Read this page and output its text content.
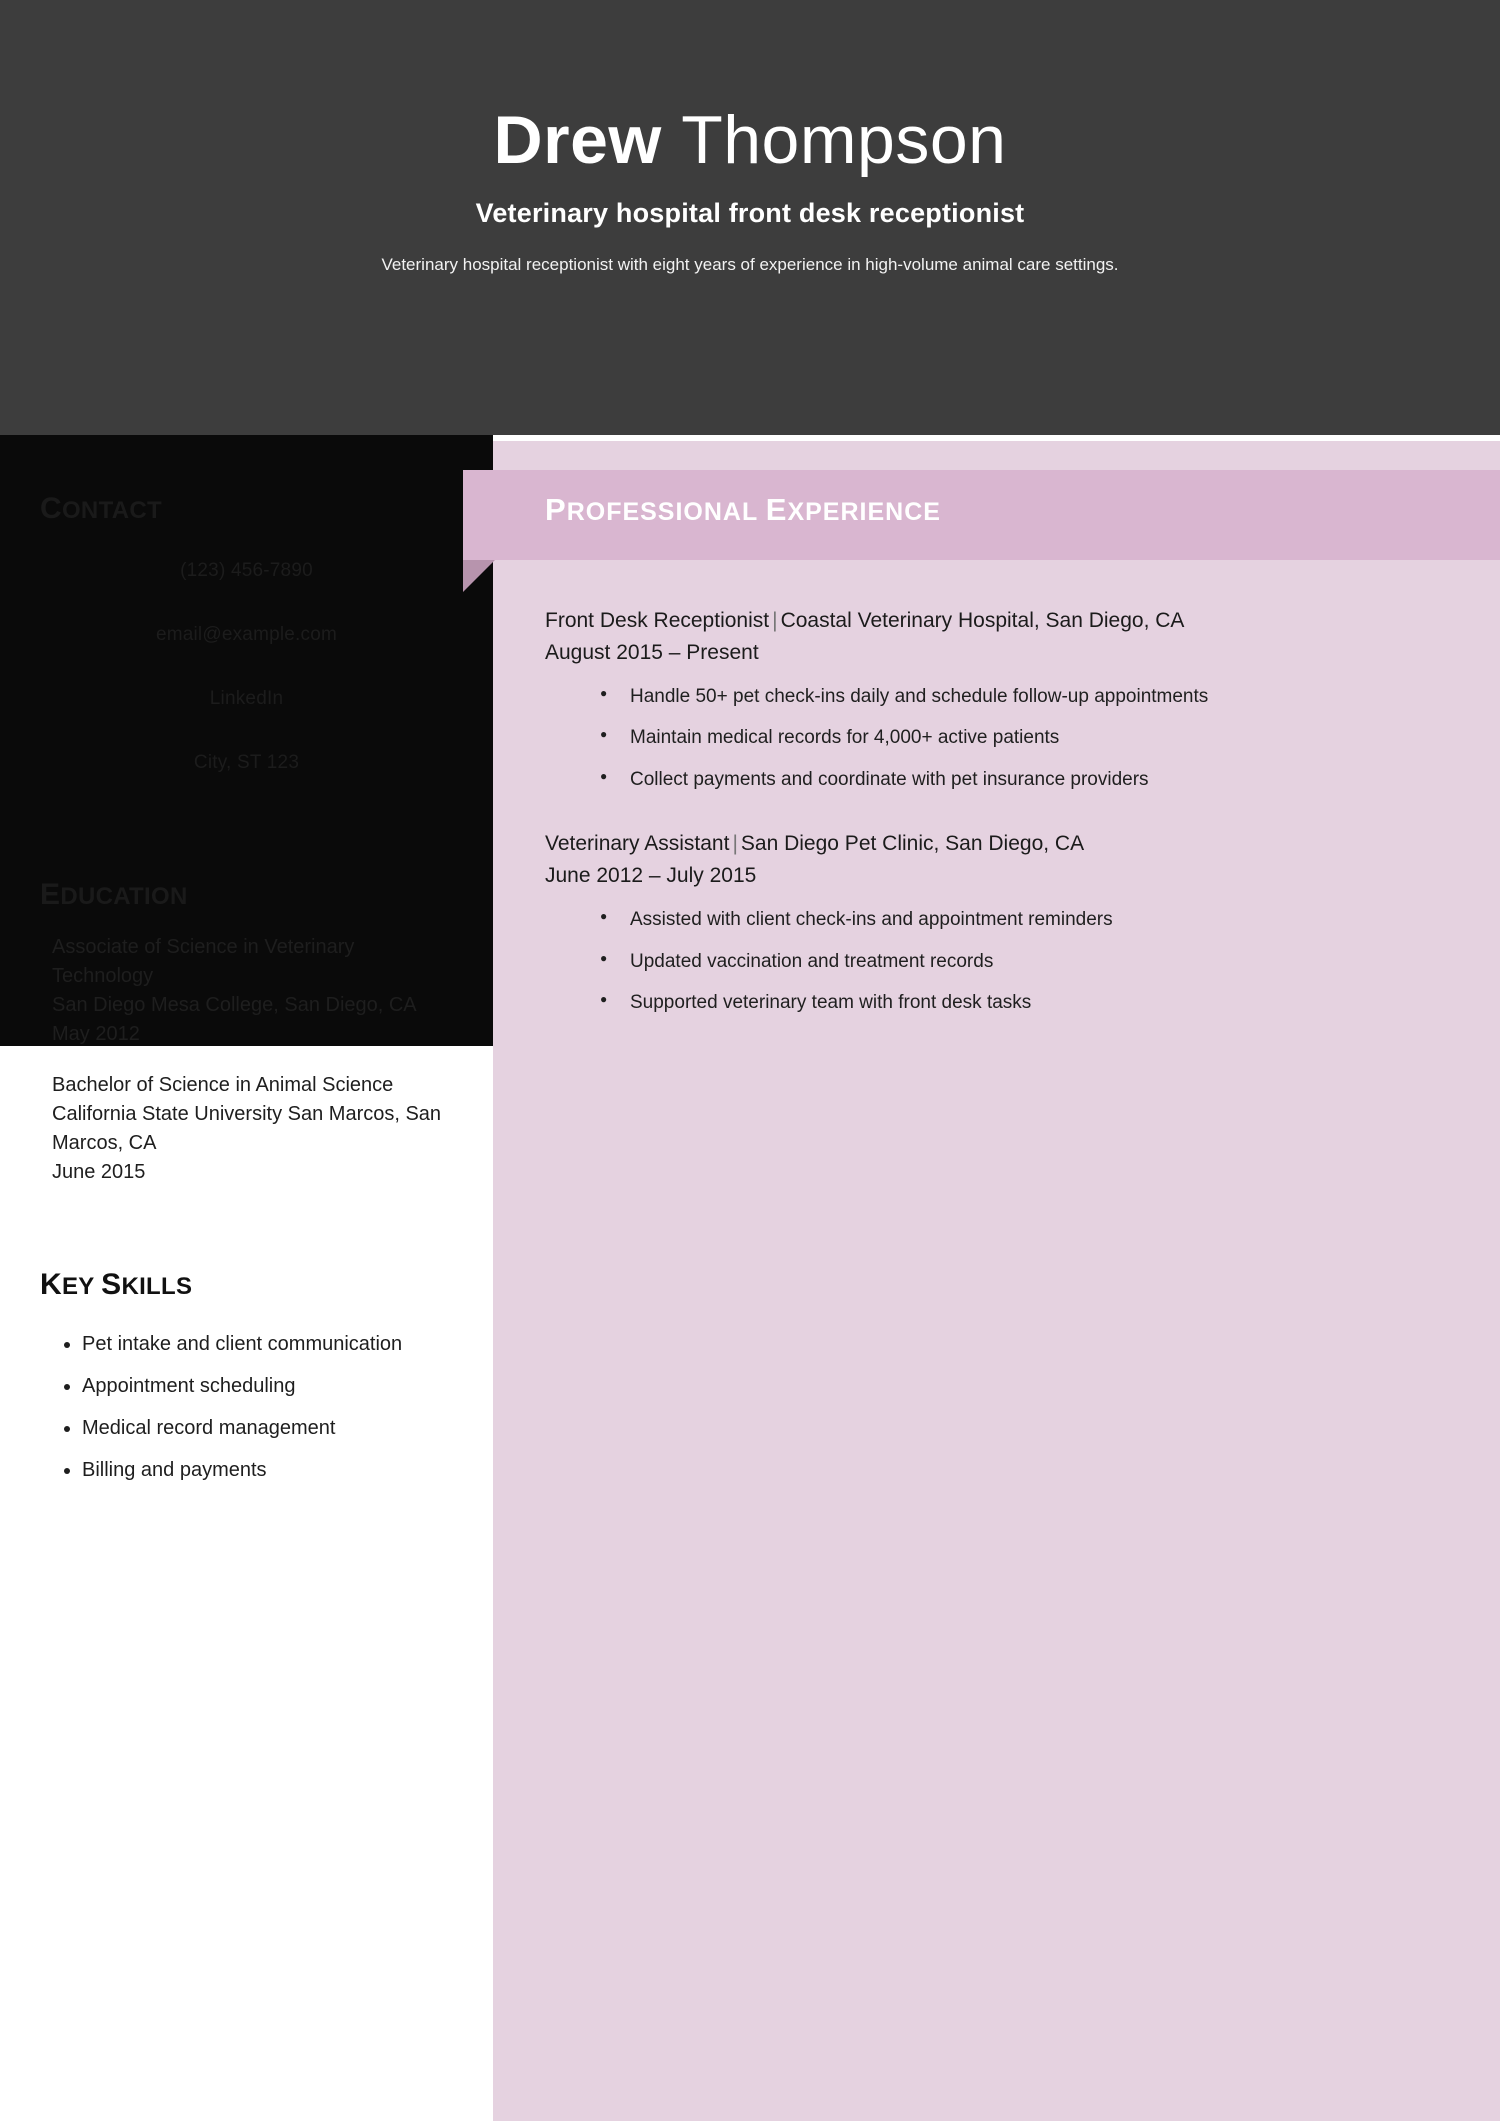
Drew Thompson
Veterinary hospital front desk receptionist
Veterinary hospital receptionist with eight years of experience in high-volume animal care settings.
CONTACT
(123) 456-7890
email@example.com
LinkedIn
City, ST 123
EDUCATION
Associate of Science in Veterinary Technology
San Diego Mesa College, San Diego, CA
May 2012
Bachelor of Science in Animal Science
California State University San Marcos, San Marcos, CA
June 2015
KEY SKILLS
• Pet intake and client communication
• Appointment scheduling
• Medical record management
• Billing and payments
PROFESSIONAL EXPERIENCE
Front Desk Receptionist | Coastal Veterinary Hospital, San Diego, CA
August 2015 – Present
● Handle 50+ pet check-ins daily and schedule follow-up appointments
● Maintain medical records for 4,000+ active patients
● Collect payments and coordinate with pet insurance providers
Veterinary Assistant | San Diego Pet Clinic, San Diego, CA
June 2012 – July 2015
● Assisted with client check-ins and appointment reminders
● Updated vaccination and treatment records
● Supported veterinary team with front desk tasks
